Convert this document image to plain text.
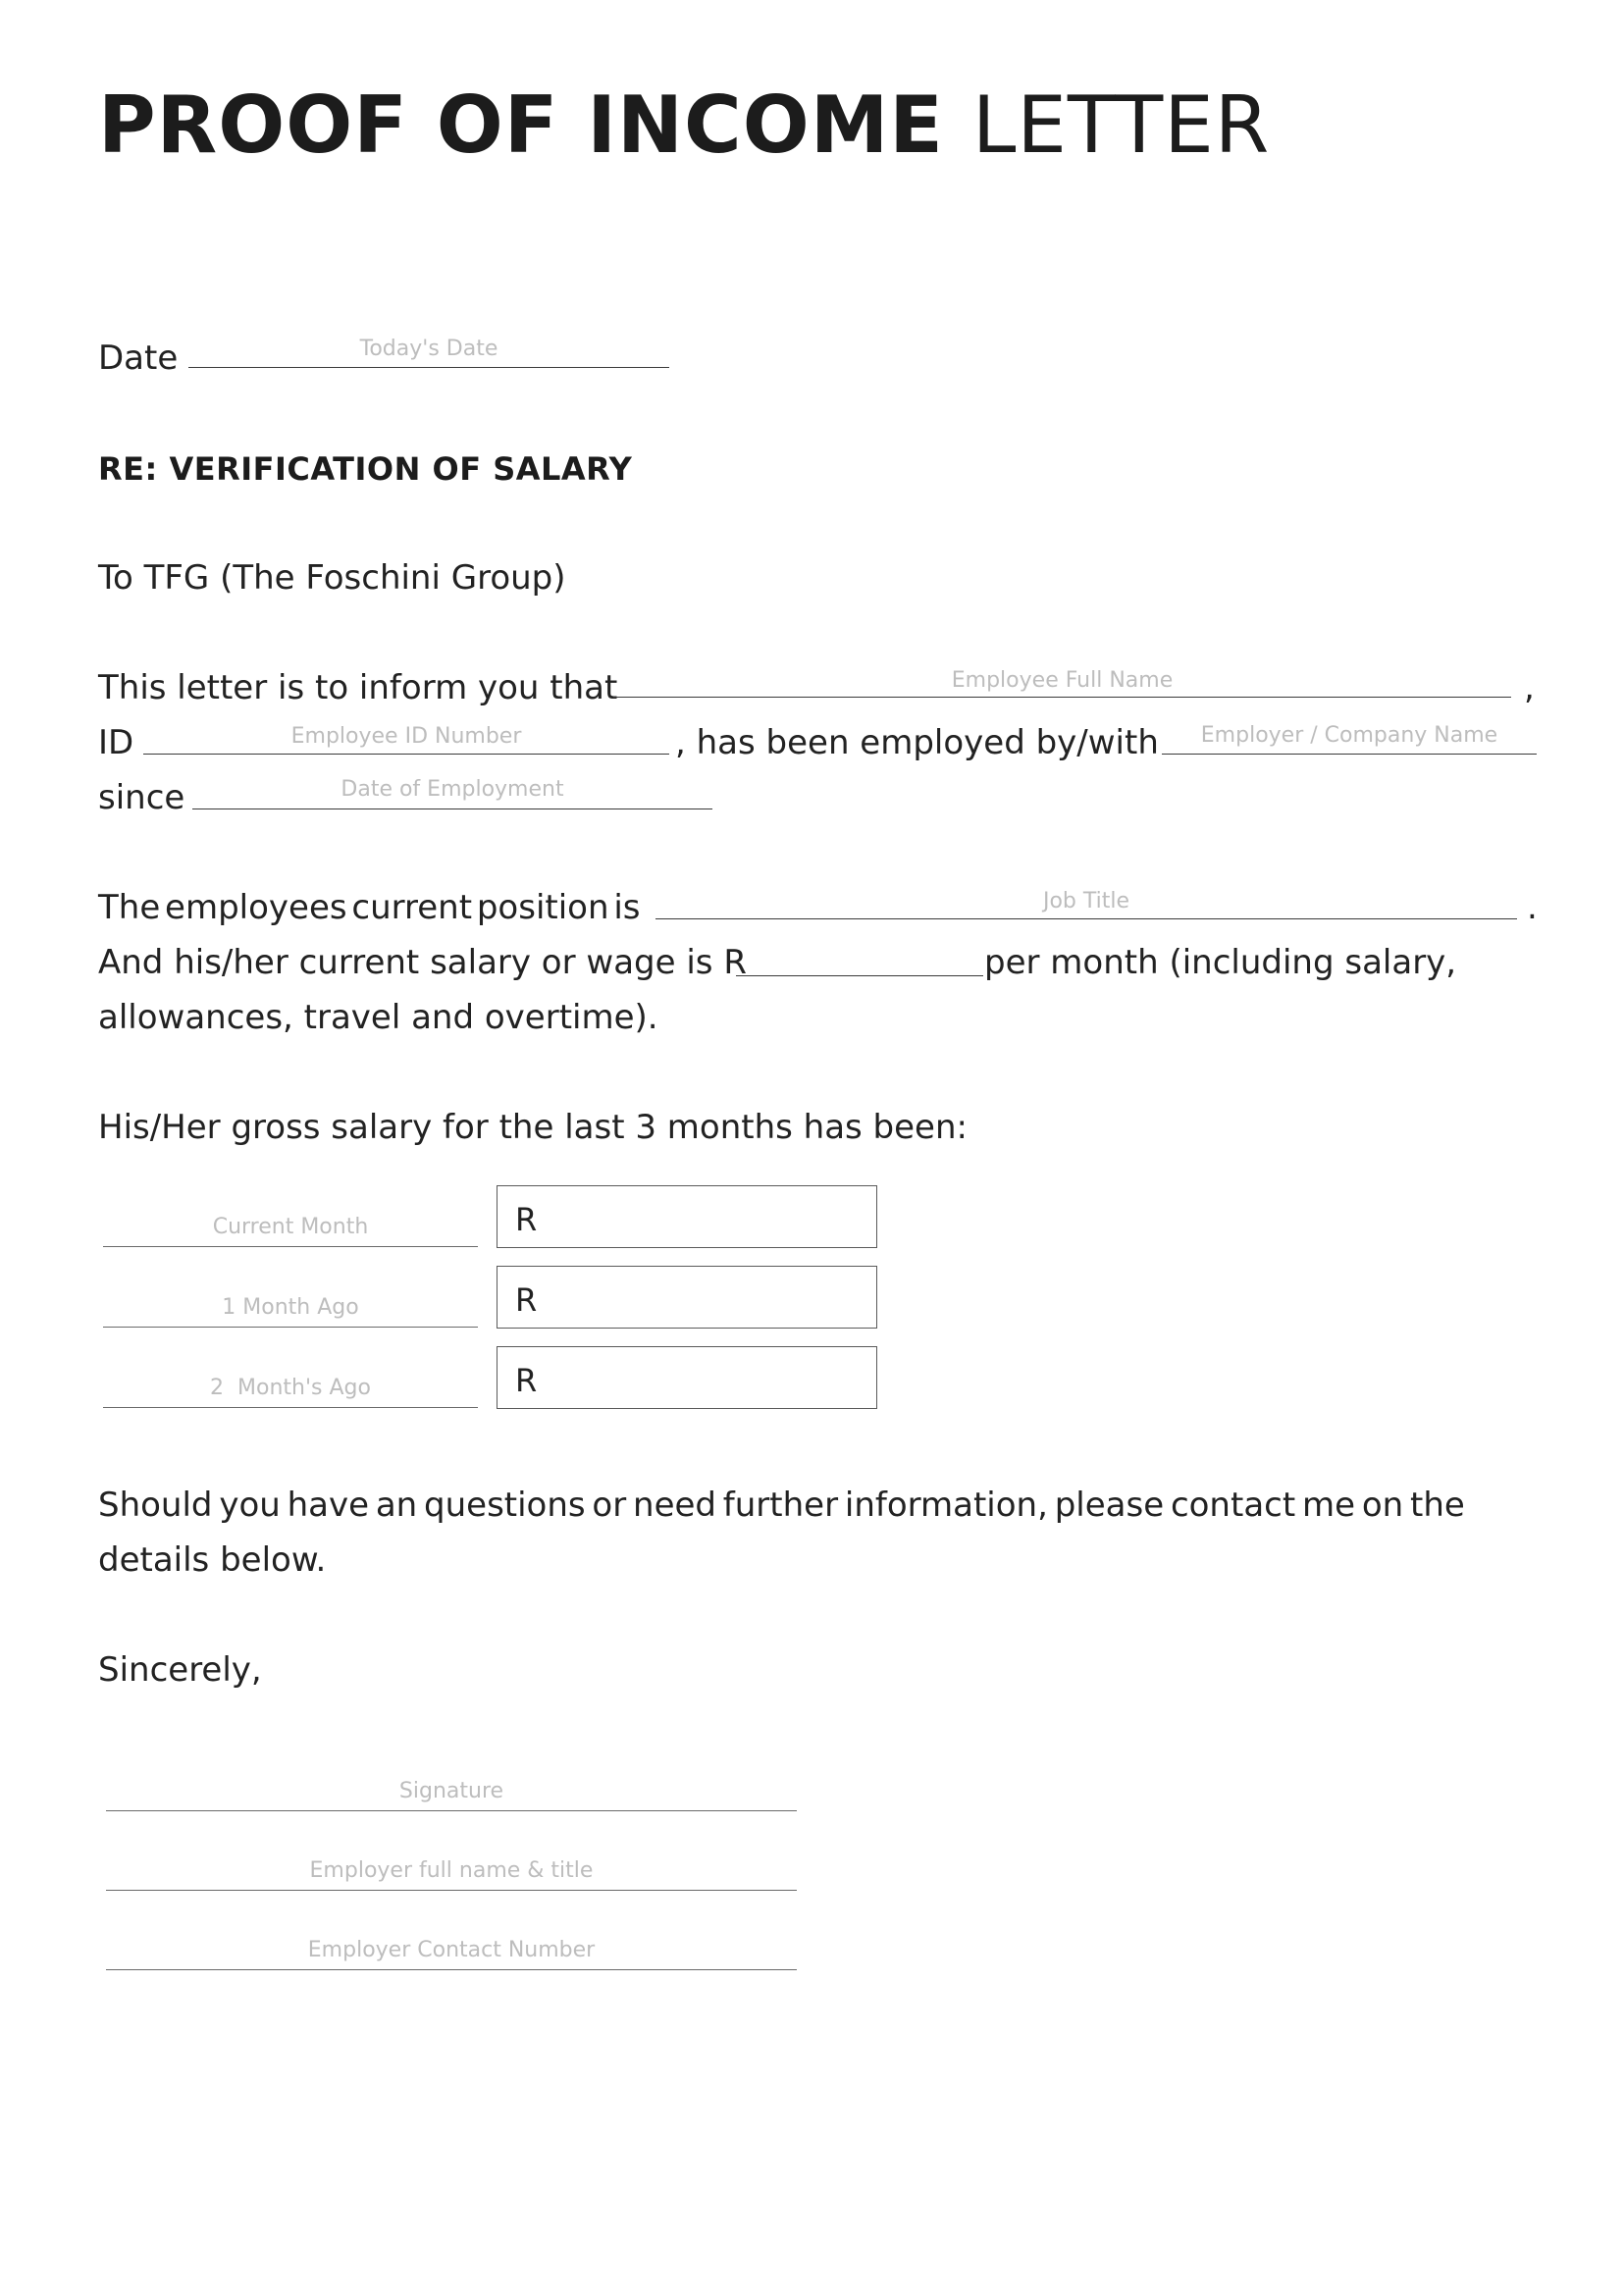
PROOF OF INCOME LETTER
Date	Today's Date
RE: VERIFICATION OF SALARY
To TFG (The Foschini Group)
This letter is to inform you that	Employee Full Name	,
ID	Employee ID Number	, has been employed by/with	Employer / Company Name
since	Date of Employment
The employees current position is	Job Title	.
And his/her current salary or wage is R	per month (including salary,
allowances, travel and overtime).
His/Her gross salary for the last 3 months has been:
Current Month	R
1 Month Ago	R
2  Month's Ago	R
Should you have an questions or need further information, please contact me on the
details below.
Sincerely,
Signature
Employer full name & title
Employer Contact Number
